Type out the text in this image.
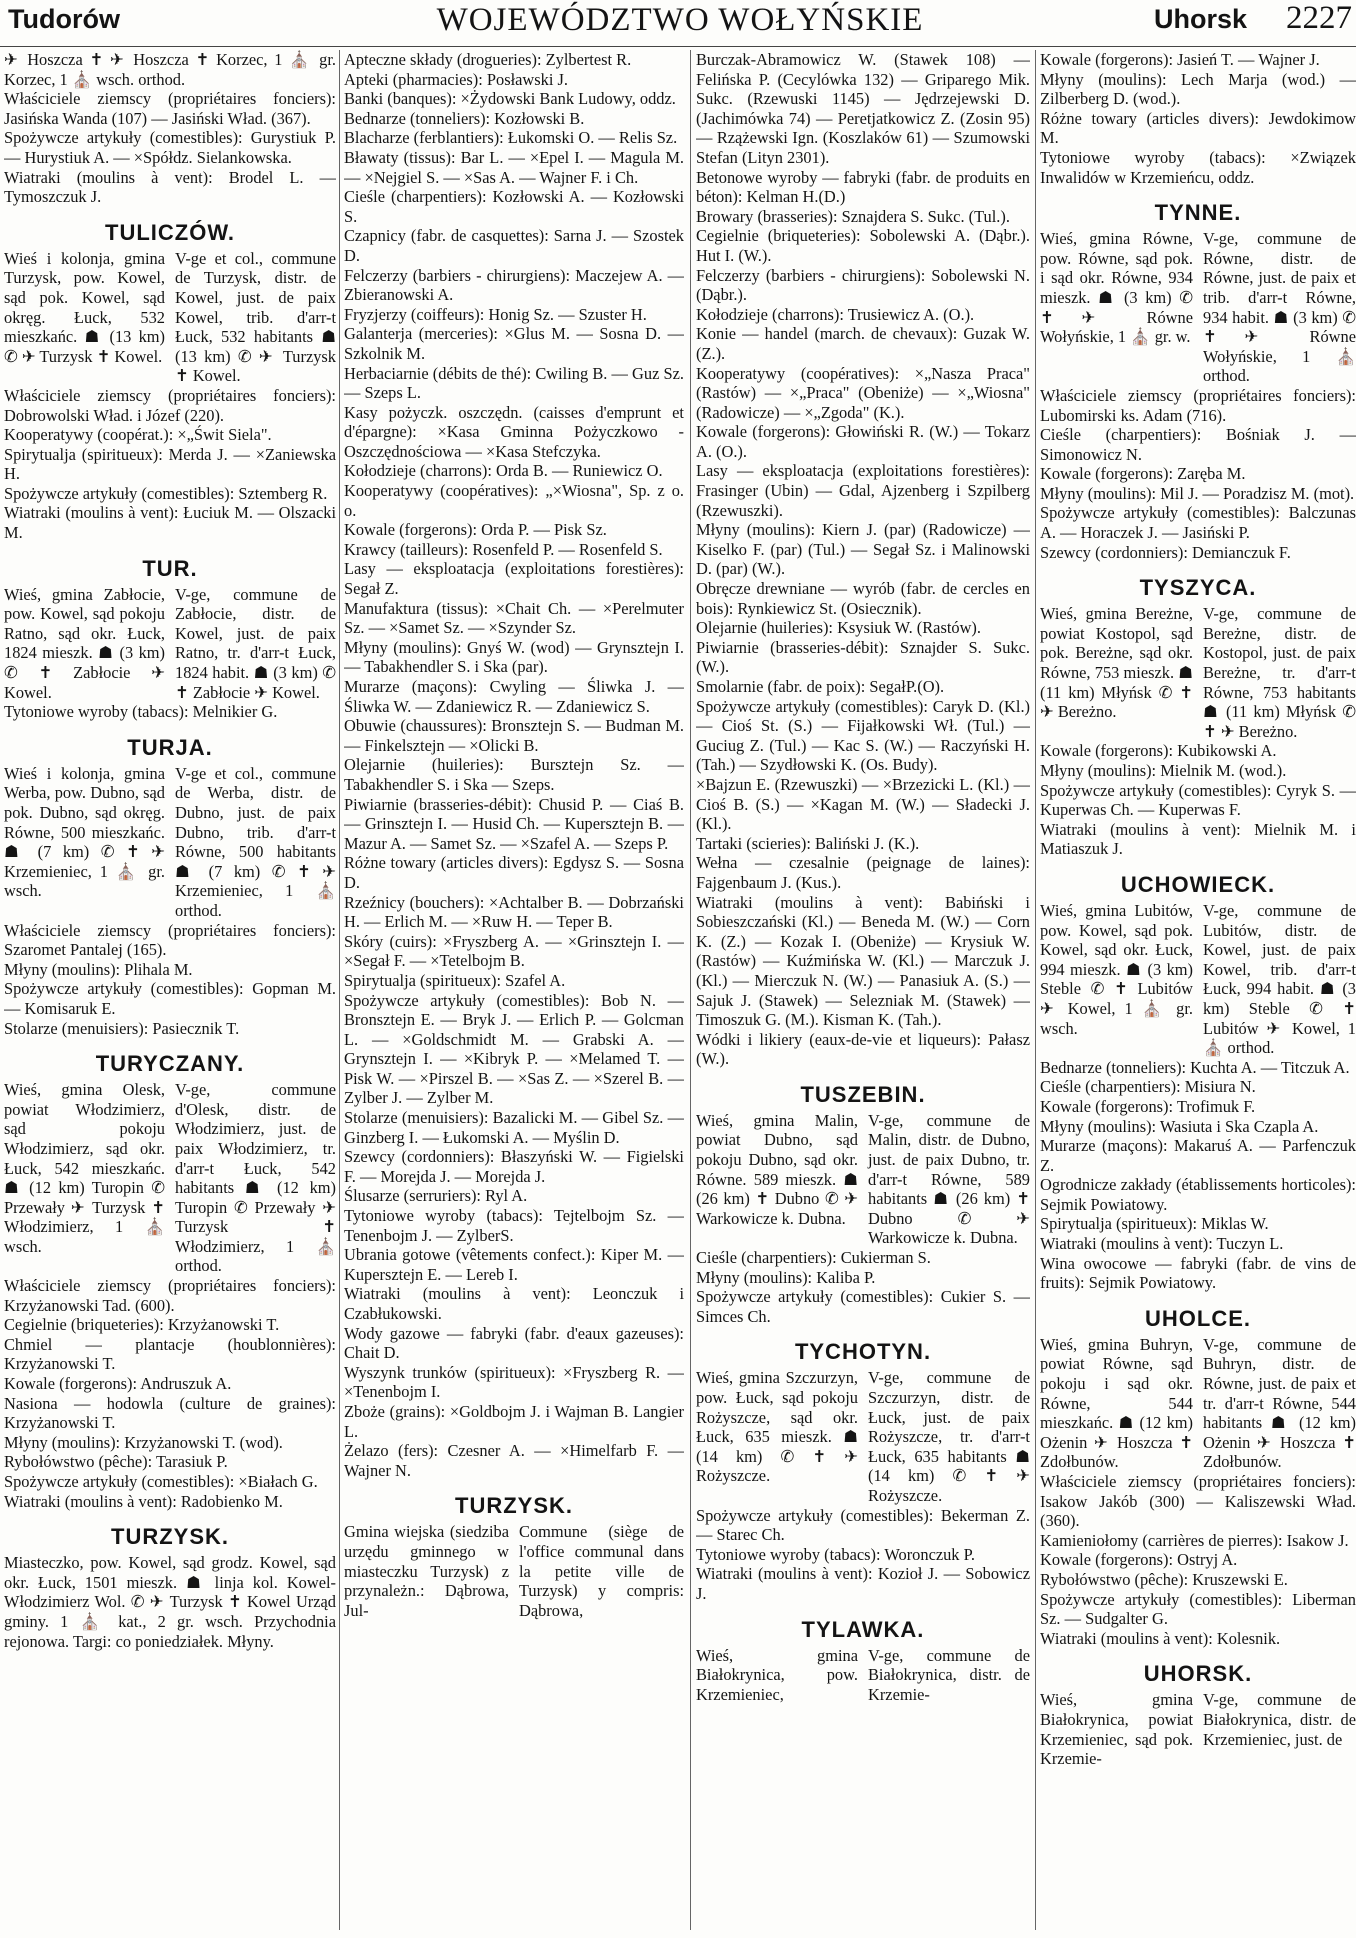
Tudorów	WOJEWÓDZTWO WOŁYŃSKIE	Uhorsk 2227

✈ Hoszcza ✝ ✈ Hoszcza ✝ Korzec, 1 ⛪ gr. Korzec, 1 ⛪ wsch. orthod.

Właściciele ziemscy (propriétaires fonciers): Jasińska Wanda (107) — Jasiński Wład. (367).

Spożywcze artykuły (comestibles): Gurystiuk P. — Hurystiuk A. — ×Spółdz. Sielankowska.

Wiatraki (moulins à vent): Brodel L. — Tymoszczuk J.

TULICZÓW.
Wieś i kolonja, gmina Turzysk, pow. Kowel, sąd pok. Kowel, sąd okręg. Łuck, 532 mieszkańc. ☗ (13 km) ✆ ✈ Turzysk ✝ Kowel.
V-ge et col., commune de Turzysk, distr. de Kowel, just. de paix Kowel, trib. d'arr-t Łuck, 532 habitants ☗ (13 km) ✆ ✈ Turzysk ✝ Kowel.

Właściciele ziemscy (propriétaires fonciers): Dobrowolski Wład. i Józef (220).

Kooperatywy (coopérat.): ×„Świt Siela".

Spirytualja (spiritueux): Merda J. — ×Zaniewska H.

Spożywcze artykuły (comestibles): Sztemberg R.

Wiatraki (moulins à vent): Łuciuk M. — Olszacki M.

TUR.
Wieś, gmina Zabłocie, pow. Kowel, sąd pokoju Ratno, sąd okr. Łuck, 1824 mieszk. ☗ (3 km) ✆ ✝ Zabłocie ✈ Kowel.
V-ge, commune de Zabłocie, distr. de Kowel, just. de paix Ratno, tr. d'arr-t Łuck, 1824 habit. ☗ (3 km) ✆ ✝ Zabłocie ✈ Kowel.

Tytoniowe wyroby (tabacs): Melnikier G.

TURJA.
Wieś i kolonja, gmina Werba, pow. Dubno, sąd pok. Dubno, sąd okręg. Równe, 500 mieszkańc. ☗ (7 km) ✆ ✝ ✈ Krzemieniec, 1 ⛪ gr. wsch.
V-ge et col., commune de Werba, distr. de Dubno, just. de paix Dubno, trib. d'arr-t Równe, 500 habitants ☗ (7 km) ✆ ✝ ✈ Krzemieniec, 1 ⛪ orthod.

Właściciele ziemscy (propriétaires fonciers): Szaromet Pantalej (165).

Młyny (moulins): Plihala M.

Spożywcze artykuły (comestibles): Gopman M. — Komisaruk E.

Stolarze (menuisiers): Pasiecznik T.

TURYCZANY.
Wieś, gmina Olesk, powiat Włodzimierz, sąd pokoju Włodzimierz, sąd okr. Łuck, 542 mieszkańc. ☗ (12 km) Turopin ✆ Przewały ✈ Turzysk ✝ Włodzimierz, 1 ⛪ wsch.
V-ge, commune d'Olesk, distr. de Włodzimierz, just. de paix Włodzimierz, tr. d'arr-t Łuck, 542 habitants ☗ (12 km) Turopin ✆ Przewały ✈ Turzysk ✝ Włodzimierz, 1 ⛪ orthod.

Właściciele ziemscy (propriétaires fonciers): Krzyżanowski Tad. (600).

Cegielnie (briqueteries): Krzyżanowski T.

Chmiel — plantacje (houblonnières): Krzyżanowski T.

Kowale (forgerons): Andruszuk A.

Nasiona — hodowla (culture de graines): Krzyżanowski T.

Młyny (moulins): Krzyżanowski T. (wod).

Rybołówstwo (pêche): Tarasiuk P.

Spożywcze artykuły (comestibles): ×Białach G.

Wiatraki (moulins à vent): Radobienko M.

TURZYSK.

Miasteczko, pow. Kowel, sąd grodz. Kowel, sąd okr. Łuck, 1501 mieszk. ☗ linja kol. Kowel-Włodzimierz Wol. ✆ ✈ Turzysk ✝ Kowel Urząd gminy. 1 ⛪ kat., 2 gr. wsch. Przychodnia rejonowa. Targi: co poniedziałek. Młyny.

Apteczne składy (drogueries): Zylbertest R.

Apteki (pharmacies): Posławski J.

Banki (banques): ×Żydowski Bank Ludowy, oddz.

Bednarze (tonneliers): Kozłowski B.

Blacharze (ferblantiers): Łukomski O. — Relis Sz.

Bławaty (tissus): Bar L. — ×Epel I. — Magula M. — ×Nejgiel S. — ×Sas A. — Wajner F. i Ch.

Cieśle (charpentiers): Kozłowski A. — Kozłowski S.

Czapnicy (fabr. de casquettes): Sarna J. — Szostek D.

Felczerzy (barbiers - chirurgiens): Maczejew A. — Zbieranowski A.

Fryzjerzy (coiffeurs): Honig Sz. — Szuster H.

Galanterja (merceries): ×Glus M. — Sosna D. — Szkolnik M.

Herbaciarnie (débits de thé): Cwiling B. — Guz Sz. — Szeps L.

Kasy pożyczk. oszczędn. (caisses d'emprunt et d'épargne): ×Kasa Gminna Pożyczkowo - Oszczędnościowa — ×Kasa Stefczyka.

Kołodzieje (charrons): Orda B. — Runiewicz O.

Kooperatywy (coopératives): „×Wiosna", Sp. z o. o.

Kowale (forgerons): Orda P. — Pisk Sz.

Krawcy (tailleurs): Rosenfeld P. — Rosenfeld S.

Lasy — eksploatacja (exploitations forestières): Segał Z.

Manufaktura (tissus): ×Chait Ch. — ×Perelmuter Sz. — ×Samet Sz. — ×Szynder Sz.

Młyny (moulins): Gnyś W. (wod) — Grynsztejn I. — Tabakhendler S. i Ska (par).

Murarze (maçons): Cwyling — Śliwka J. — Śliwka W. — Zdaniewicz R. — Zdaniewicz S.

Obuwie (chaussures): Bronsztejn S. — Budman M. — Finkelsztejn — ×Olicki B.

Olejarnie (huileries): Bursztejn Sz. — Tabakhendler S. i Ska — Szeps.

Piwiarnie (brasseries-débit): Chusid P. — Ciaś B. — Grinsztejn I. — Husid Ch. — Kupersztejn B. — Mazur A. — Samet Sz. — ×Szafel A. — Szeps P.

Różne towary (articles divers): Egdysz S. — Sosna D.

Rzeźnicy (bouchers): ×Achtalber B. — Dobrzański H. — Erlich M. — ×Ruw H. — Teper B.

Skóry (cuirs): ×Fryszberg A. — ×Grinsztejn I. — ×Segał F. — ×Tetelbojm B.

Spirytualja (spiritueux): Szafel A.

Spożywcze artykuły (comestibles): Bob N. — Bronsztejn E. — Bryk J. — Erlich P. — Golcman L. — ×Goldschmidt M. — Grabski A. — Grynsztejn I. — ×Kibryk P. — ×Melamed T. — Pisk W. — ×Pirszel B. — ×Sas Z. — ×Szerel B. — Zylber J. — Zylber M.

Stolarze (menuisiers): Bazalicki M. — Gibel Sz. — Ginzberg I. — Łukomski A. — Myślin D.

Szewcy (cordonniers): Błaszyński W. — Figielski F. — Morejda J. — Morejda J.

Ślusarze (serruriers): Ryl A.

Tytoniowe wyroby (tabacs): Tejtelbojm Sz. — Tenenbojm J. — ZylberS.

Ubrania gotowe (vêtements confect.): Kiper M. — Kupersztejn E. — Lereb I.

Wiatraki (moulins à vent): Leonczuk i Czabłukowski.

Wody gazowe — fabryki (fabr. d'eaux gazeuses): Chait D.

Wyszynk trunków (spiritueux): ×Fryszberg R. — ×Tenenbojm I.

Zboże (grains): ×Goldbojm J. i Wajman B. Langier L.

Żelazo (fers): Czesner A. — ×Himelfarb F. — Wajner N.

TURZYSK.
Gmina wiejska (siedziba urzędu gminnego w miasteczku Turzysk) z przynależn.: Dąbrowa, Jul-
Commune (siège de l'office communal dans la petite ville de Turzysk) y compris: Dąbrowa,

Burczak-Abramowicz W. (Stawek 108) — Felińska P. (Cecylówka 132) — Griparego Mik. Sukc. (Rzewuski 1145) — Jędrzejewski D. (Jachimówka 74) — Peretjatkowicz Z. (Zosin 95) — Rzążewski Ign. (Koszlaków 61) — Szumowski Stefan (Lityn 2301).

Betonowe wyroby — fabryki (fabr. de produits en béton): Kelman H.(D.)

Browary (brasseries): Sznajdera S. Sukc. (Tul.).

Cegielnie (briqueteries): Sobolewski A. (Dąbr.). Hut I. (W.).

Felczerzy (barbiers - chirurgiens): Sobolewski N. (Dąbr.).

Kołodzieje (charrons): Trusiewicz A. (O.).

Konie — handel (march. de chevaux): Guzak W. (Z.).

Kooperatywy (coopératives): ×„Nasza Praca" (Rastów) — ×„Praca" (Obeniże) — ×„Wiosna" (Radowicze) — ×„Zgoda" (K.).

Kowale (forgerons): Głowiński R. (W.) — Tokarz A. (O.).

Lasy — eksploatacja (exploitations forestières): Frasinger (Ubin) — Gdal, Ajzenberg i Szpilberg (Rzewuszki).

Młyny (moulins): Kiern J. (par) (Radowicze) — Kiselko F. (par) (Tul.) — Segał Sz. i Malinowski D. (par) (W.).

Obręcze drewniane — wyrób (fabr. de cercles en bois): Rynkiewicz St. (Osiecznik).

Olejarnie (huileries): Ksysiuk W. (Rastów).

Piwiarnie (brasseries-débit): Sznajder S. Sukc. (W.).

Smolarnie (fabr. de poix): SegałP.(O).

Spożywcze artykuły (comestibles): Caryk D. (Kl.) — Cioś St. (S.) — Fijałkowski Wł. (Tul.) — Guciug Z. (Tul.) — Kac S. (W.) — Raczyński H. (Tah.) — Szydłowski K. (Os. Budy).

×Bajzun E. (Rzewuszki) — ×Brzezicki L. (Kl.) — Cioś B. (S.) — ×Kagan M. (W.) — Sładecki J. (Kl.).

Tartaki (scieries): Baliński J. (K.).

Wełna — czesalnie (peignage de laines): Fajgenbaum J. (Kus.).

Wiatraki (moulins à vent): Babiński i Sobieszczański (Kl.) — Beneda M. (W.) — Corn K. (Z.) — Kozak I. (Obeniże) — Krysiuk W. (Rastów) — Kuźmińska W. (Kl.) — Marczuk J. (Kl.) — Mierczuk N. (W.) — Panasiuk A. (S.) — Sajuk J. (Stawek) — Selezniak M. (Stawek) — Timoszuk G. (M.). Kisman K. (Tah.).

Wódki i likiery (eaux-de-vie et liqueurs): Pałasz (W.).

TUSZEBIN.
Wieś, gmina Malin, powiat Dubno, sąd pokoju Dubno, sąd okr. Równe. 589 mieszk. ☗ (26 km) ✝ Dubno ✆ ✈ Warkowicze k. Dubna.
V-ge, commune de Malin, distr. de Dubno, just. de paix Dubno, tr. d'arr-t Równe, 589 habitants ☗ (26 km) ✝ Dubno ✆ ✈ Warkowicze k. Dubna.

Cieśle (charpentiers): Cukierman S.

Młyny (moulins): Kaliba P.

Spożywcze artykuły (comestibles): Cukier S. — Simces Ch.

TYCHOTYN.
Wieś, gmina Szczurzyn, pow. Łuck, sąd pokoju Rożyszcze, sąd okr. Łuck, 635 mieszk. ☗ (14 km) ✆ ✝ ✈ Rożyszcze.
V-ge, commune de Szczurzyn, distr. de Łuck, just. de paix Rożyszcze, tr. d'arr-t Łuck, 635 habitants ☗ (14 km) ✆ ✝ ✈ Rożyszcze.

Spożywcze artykuły (comestibles): Bekerman Z. — Starec Ch.

Tytoniowe wyroby (tabacs): Woronczuk P.

Wiatraki (moulins à vent): Kozioł J. — Sobowicz J.

TYLAWKA.
Wieś, gmina Białokrynica, pow. Krzemieniec,
V-ge, commune de Białokrynica, distr. de Krzemie-

Kowale (forgerons): Jasień T. — Wajner J.

Młyny (moulins): Lech Marja (wod.) — Zilberberg D. (wod.).

Różne towary (articles divers): Jewdokimow M.

Tytoniowe wyroby (tabacs): ×Związek Inwalidów w Krzemieńcu, oddz.

TYNNE.
Wieś, gmina Równe, pow. Równe, sąd pok. i sąd okr. Równe, 934 mieszk. ☗ (3 km) ✆ ✝ ✈ Równe Wołyńskie, 1 ⛪ gr. w.
V-ge, commune de Równe, distr. de Równe, just. de paix et trib. d'arr-t Równe, 934 habit. ☗ (3 km) ✆ ✝ ✈ Równe Wołyńskie, 1 ⛪ orthod.

Właściciele ziemscy (propriétaires fonciers): Lubomirski ks. Adam (716).

Cieśle (charpentiers): Bośniak J. — Simonowicz N.

Kowale (forgerons): Zaręba M.

Młyny (moulins): Mil J. — Poradzisz M. (mot).

Spożywcze artykuły (comestibles): Balczunas A. — Horaczek J. — Jasiński P.

Szewcy (cordonniers): Demianczuk F.

TYSZYCA.
Wieś, gmina Bereżne, powiat Kostopol, sąd pok. Bereżne, sąd okr. Równe, 753 mieszk. ☗ (11 km) Młyńsk ✆ ✝ ✈ Bereżno.
V-ge, commune de Bereżne, distr. de Kostopol, just. de paix Bereżne, tr. d'arr-t Równe, 753 habitants ☗ (11 km) Młyńsk ✆ ✝ ✈ Bereżno.

Kowale (forgerons): Kubikowski A.

Młyny (moulins): Mielnik M. (wod.).

Spożywcze artykuły (comestibles): Cyryk S. — Kuperwas Ch. — Kuperwas F.

Wiatraki (moulins à vent): Mielnik M. i Matiaszuk J.

UCHOWIECK.
Wieś, gmina Lubitów, pow. Kowel, sąd pok. Kowel, sąd okr. Łuck, 994 mieszk. ☗ (3 km) Steble ✆ ✝ Lubitów ✈ Kowel, 1 ⛪ gr. wsch.
V-ge, commune de Lubitów, distr. de Kowel, just. de paix Kowel, trib. d'arr-t Łuck, 994 habit. ☗ (3 km) Steble ✆ ✝ Lubitów ✈ Kowel, 1 ⛪ orthod.

Bednarze (tonneliers): Kuchta A. — Titczuk A.

Cieśle (charpentiers): Misiura N.

Kowale (forgerons): Trofimuk F.

Młyny (moulins): Wasiuta i Ska Czapla A.

Murarze (maçons): Makaruś A. — Parfenczuk Z.

Ogrodnicze zakłady (établissements horticoles): Sejmik Powiatowy.

Spirytualja (spiritueux): Miklas W.

Wiatraki (moulins à vent): Tuczyn L.

Wina owocowe — fabryki (fabr. de vins de fruits): Sejmik Powiatowy.

UHOLCE.
Wieś, gmina Buhryn, powiat Równe, sąd pokoju i sąd okr. Równe, 544 mieszkańc. ☗ (12 km) Ożenin ✈ Hoszcza ✝ Zdołbunów.
V-ge, commune de Buhryn, distr. de Równe, just. de paix et tr. d'arr-t Równe, 544 habitants ☗ (12 km) Ożenin ✈ Hoszcza ✝ Zdołbunów.

Właściciele ziemscy (propriétaires fonciers): Isakow Jakób (300) — Kaliszewski Wład. (360).

Kamieniołomy (carrières de pierres): Isakow J.

Kowale (forgerons): Ostryj A.

Rybołówstwo (pêche): Kruszewski E.

Spożywcze artykuły (comestibles): Liberman Sz. — Sudgalter G.

Wiatraki (moulins à vent): Kolesnik.

UHORSK.
Wieś, gmina Białokrynica, powiat Krzemieniec, sąd pok. Krzemie-
V-ge, commune de Białokrynica, distr. de Krzemieniec, just. de
